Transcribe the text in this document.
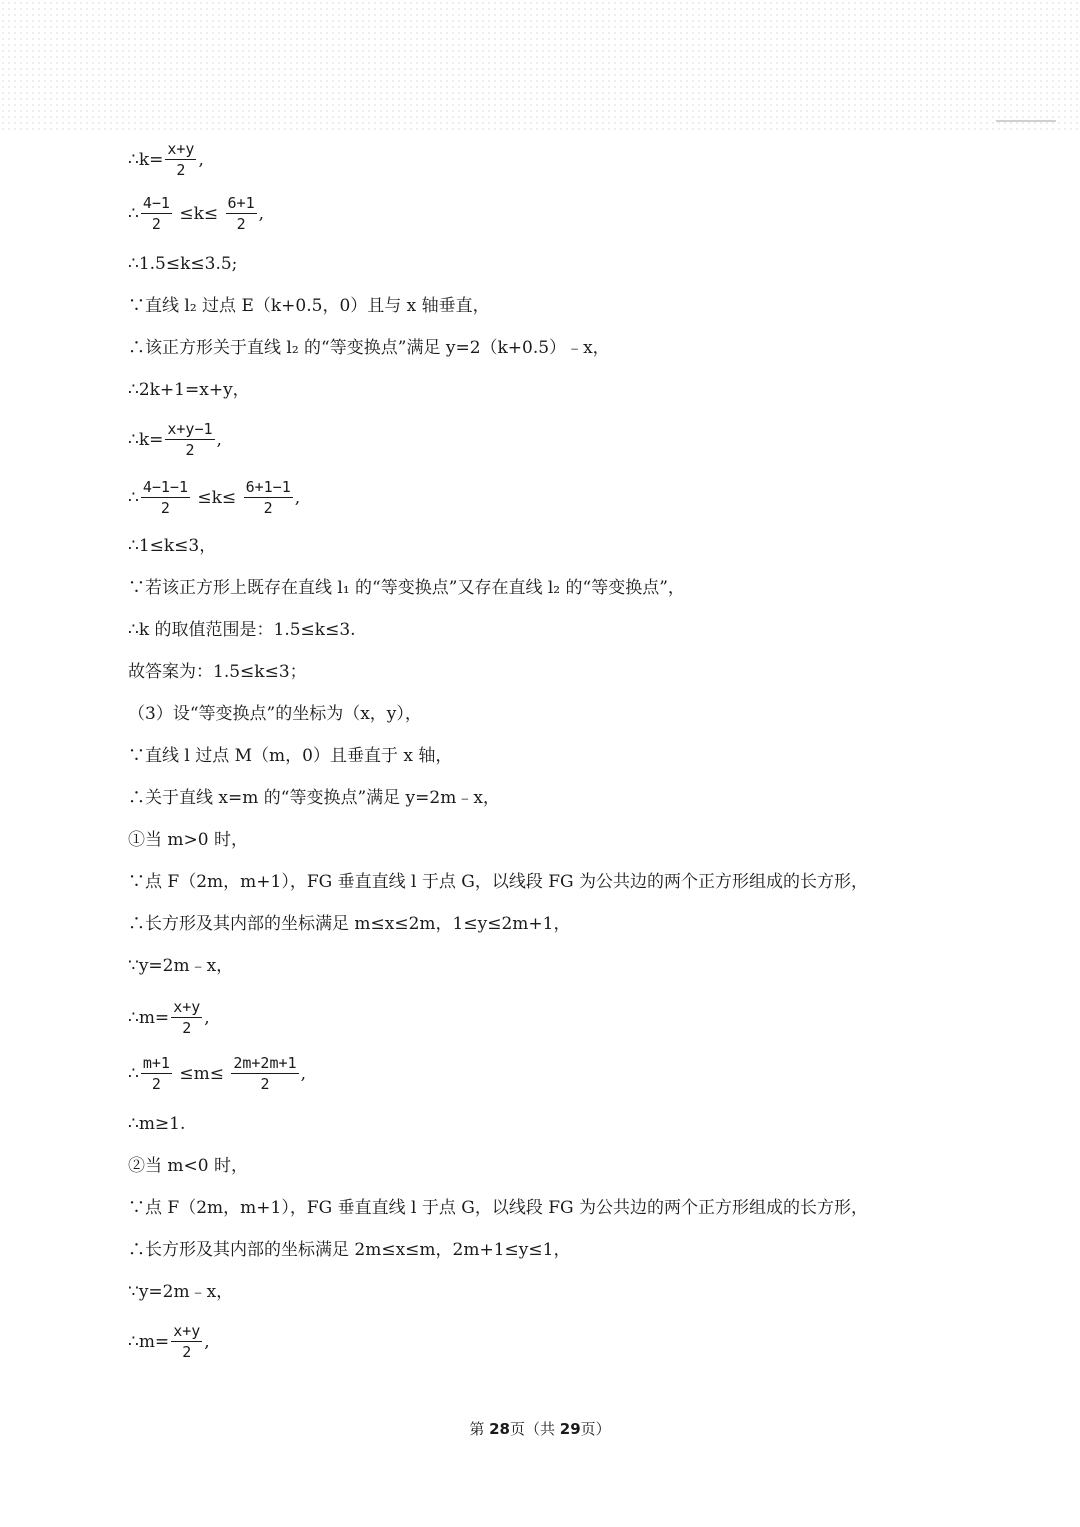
∴k= $\frac{x+y}{2}$ ,
∴ $\frac{4-1}{2} \le k\le \frac{6+1}{2}$ ,
∴1.5≤k≤3.5;
∵直线 l₂ 过点 E（k+0.5，0）且与 x 轴垂直，
∴该正方形关于直线 l₂ 的“等变换点”满足 y=2（k+0.5）﹣x，
∴2k+1=x+y，
∴k= $\frac{x+y-1}{2}$ ,
∴ $\frac{4-1-1}{2} \le k\le \frac{6+1-1}{2}$ ,
∴1≤k≤3，
∵若该正方形上既存在直线 l₁ 的“等变换点”又存在直线 l₂ 的“等变换点”，
∴k 的取值范围是：1.5≤k≤3.
故答案为：1.5≤k≤3；
（3）设“等变换点”的坐标为（x，y），
∵直线 l 过点 M（m，0）且垂直于 x 轴，
∴关于直线 x=m 的“等变换点”满足 y=2m﹣x，
①当 m>0 时，
∵点 F（2m，m+1），FG 垂直直线 l 于点 G，以线段 FG 为公共边的两个正方形组成的长方形，
∴长方形及其内部的坐标满足 m≤x≤2m，1≤y≤2m+1，
∵y=2m﹣x，
∴m= $\frac{x+y}{2}$ ,
∴ $\frac{m+1}{2} \le m\le \frac{2m+2m+1}{2}$ ,
∴m≥1.
②当 m<0 时，
∵点 F（2m，m+1），FG 垂直直线 l 于点 G，以线段 FG 为公共边的两个正方形组成的长方形，
∴长方形及其内部的坐标满足 2m≤x≤m，2m+1≤y≤1，
∵y=2m﹣x，
∴m= $\frac{x+y}{2}$ ,
第 28页（共 29页）
